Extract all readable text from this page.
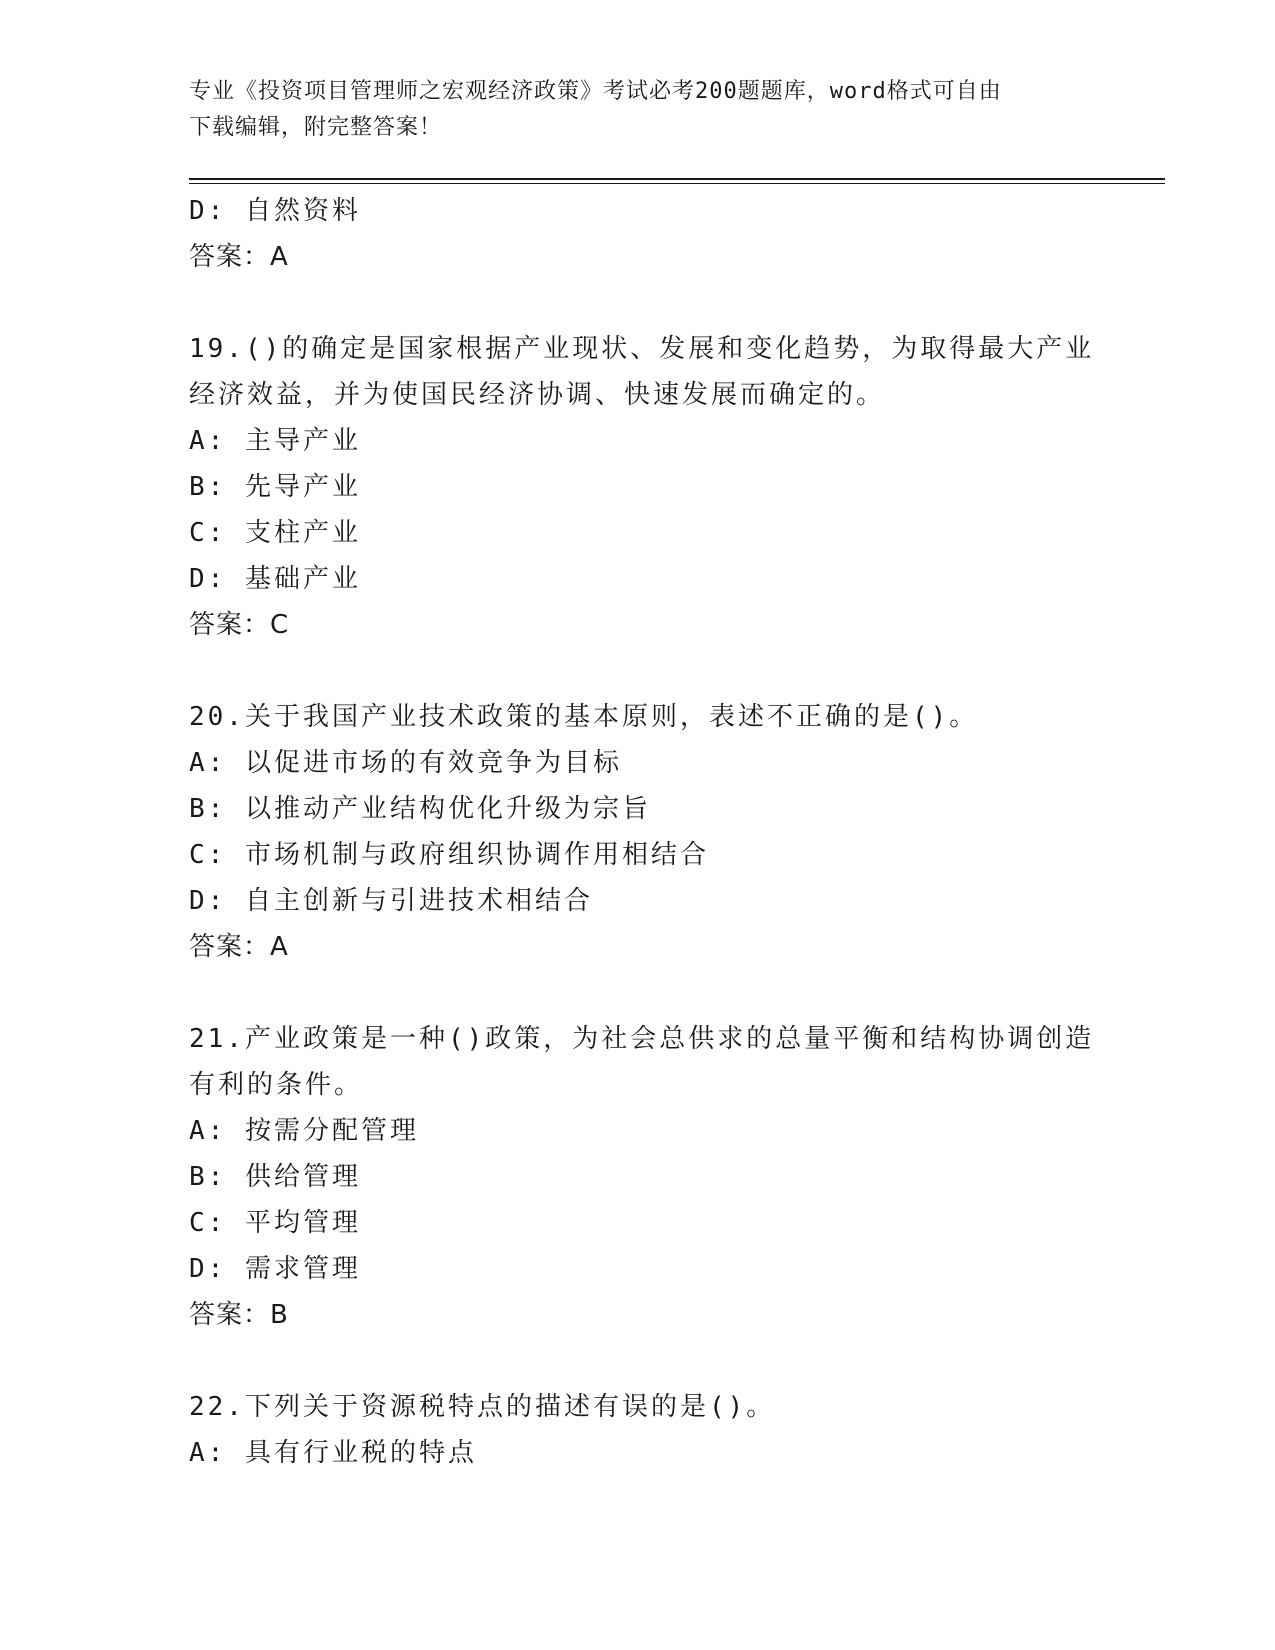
专业《投资项目管理师之宏观经济政策》考试必考200题题库，word格式可自由
下载编辑，附完整答案！
D: 自然资料
答案：A
19.()的确定是国家根据产业现状、发展和变化趋势，为取得最大产业
经济效益，并为使国民经济协调、快速发展而确定的。
A: 主导产业
B: 先导产业
C: 支柱产业
D: 基础产业
答案：C
20.关于我国产业技术政策的基本原则，表述不正确的是()。
A: 以促进市场的有效竞争为目标
B: 以推动产业结构优化升级为宗旨
C: 市场机制与政府组织协调作用相结合
D: 自主创新与引进技术相结合
答案：A
21.产业政策是一种()政策，为社会总供求的总量平衡和结构协调创造
有利的条件。
A: 按需分配管理
B: 供给管理
C: 平均管理
D: 需求管理
答案：B
22.下列关于资源税特点的描述有误的是()。
A: 具有行业税的特点
